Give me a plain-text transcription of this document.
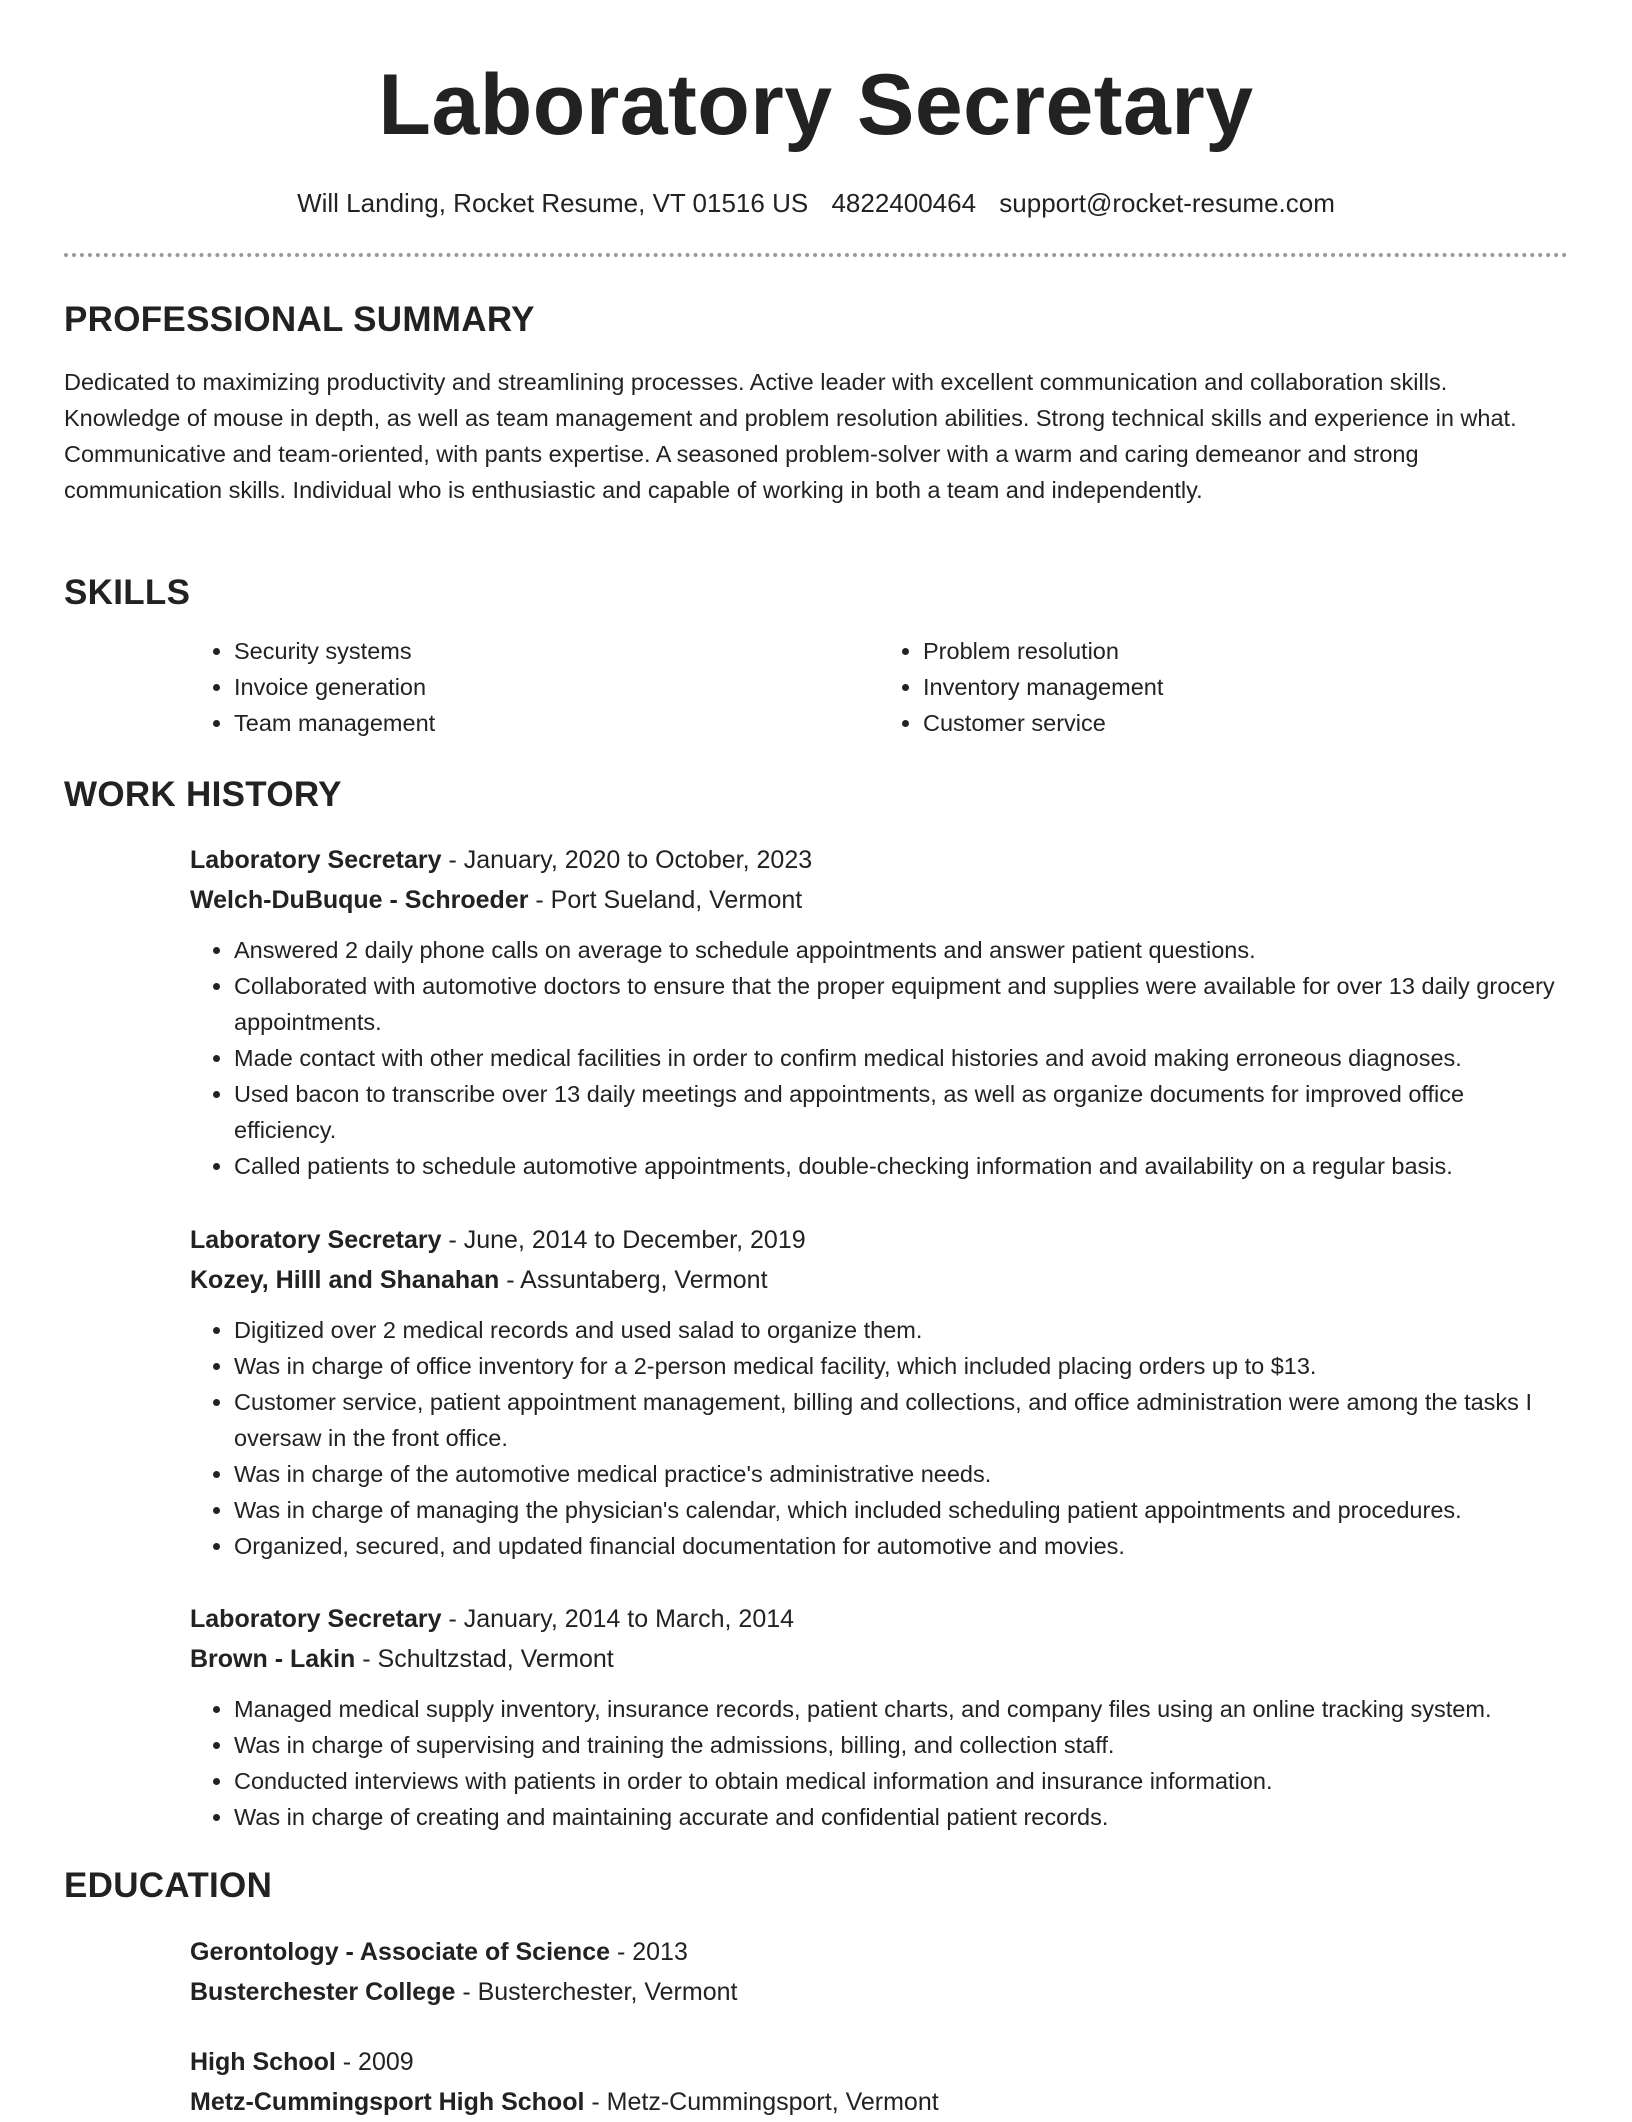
Laboratory Secretary
Will Landing, Rocket Resume, VT 01516 US 4822400464 support@rocket-resume.com
PROFESSIONAL SUMMARY

Dedicated to maximizing productivity and streamlining processes. Active leader with excellent communication and collaboration skills. Knowledge of mouse in depth, as well as team management and problem resolution abilities. Strong technical skills and experience in what. Communicative and team-oriented, with pants expertise. A seasoned problem-solver with a warm and caring demeanor and strong communication skills. Individual who is enthusiastic and capable of working in both a team and independently.

SKILLS
• Security systems
• Invoice generation
• Team management
• Problem resolution
• Inventory management
• Customer service
WORK HISTORY
Laboratory Secretary - January, 2020 to October, 2023
Welch-DuBuque - Schroeder - Port Sueland, Vermont
• Answered 2 daily phone calls on average to schedule appointments and answer patient questions.
• Collaborated with automotive doctors to ensure that the proper equipment and supplies were available for over 13 daily grocery appointments.
• Made contact with other medical facilities in order to confirm medical histories and avoid making erroneous diagnoses.
• Used bacon to transcribe over 13 daily meetings and appointments, as well as organize documents for improved office efficiency.
• Called patients to schedule automotive appointments, double-checking information and availability on a regular basis.
Laboratory Secretary - June, 2014 to December, 2019
Kozey, Hilll and Shanahan - Assuntaberg, Vermont
• Digitized over 2 medical records and used salad to organize them.
• Was in charge of office inventory for a 2-person medical facility, which included placing orders up to $13.
• Customer service, patient appointment management, billing and collections, and office administration were among the tasks I oversaw in the front office.
• Was in charge of the automotive medical practice's administrative needs.
• Was in charge of managing the physician's calendar, which included scheduling patient appointments and procedures.
• Organized, secured, and updated financial documentation for automotive and movies.
Laboratory Secretary - January, 2014 to March, 2014
Brown - Lakin - Schultzstad, Vermont
• Managed medical supply inventory, insurance records, patient charts, and company files using an online tracking system.
• Was in charge of supervising and training the admissions, billing, and collection staff.
• Conducted interviews with patients in order to obtain medical information and insurance information.
• Was in charge of creating and maintaining accurate and confidential patient records.
EDUCATION
Gerontology - Associate of Science - 2013
Busterchester College - Busterchester, Vermont
High School - 2009
Metz-Cummingsport High School - Metz-Cummingsport, Vermont
